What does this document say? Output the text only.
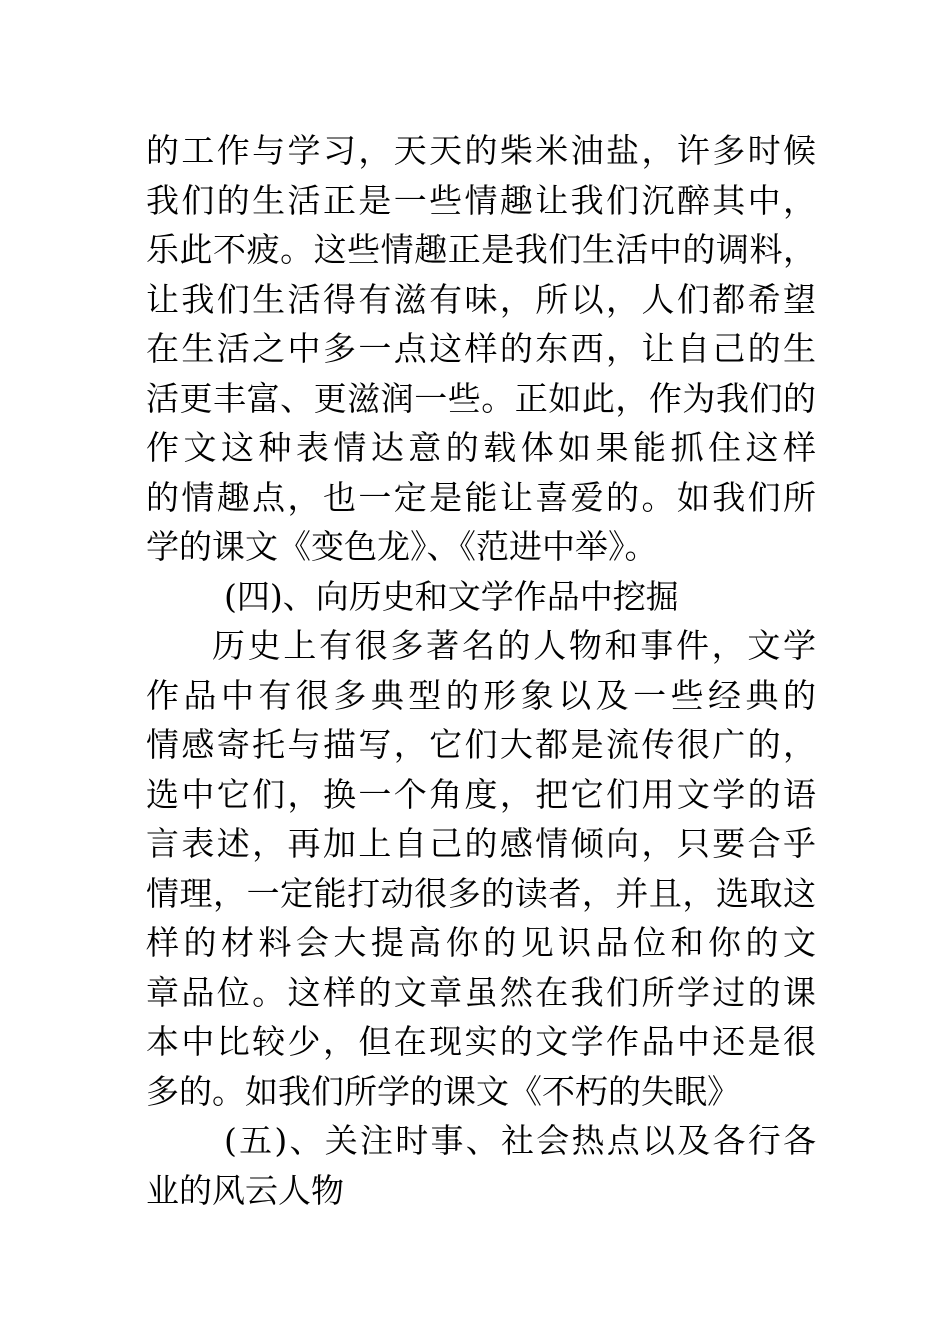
的工作与学习，天天的柴米油盐，许多时候
我们的生活正是一些情趣让我们沉醉其中，
乐此不疲。这些情趣正是我们生活中的调料，
让我们生活得有滋有味，所以，人们都希望
在生活之中多一点这样的东西，让自己的生
活更丰富、更滋润一些。正如此，作为我们的
作文这种表情达意的载体如果能抓住这样
的情趣点，也一定是能让喜爱的。如我们所
学的课文《变色龙》、《范进中举》。
(四)、向历史和文学作品中挖掘
历史上有很多著名的人物和事件，文学
作品中有很多典型的形象以及一些经典的
情感寄托与描写，它们大都是流传很广的，
选中它们，换一个角度，把它们用文学的语
言表述，再加上自己的感情倾向，只要合乎
情理，一定能打动很多的读者，并且，选取这
样的材料会大提高你的见识品位和你的文
章品位。这样的文章虽然在我们所学过的课
本中比较少，但在现实的文学作品中还是很
多的。如我们所学的课文《不朽的失眠》
(五)、关注时事、社会热点以及各行各
业的风云人物
